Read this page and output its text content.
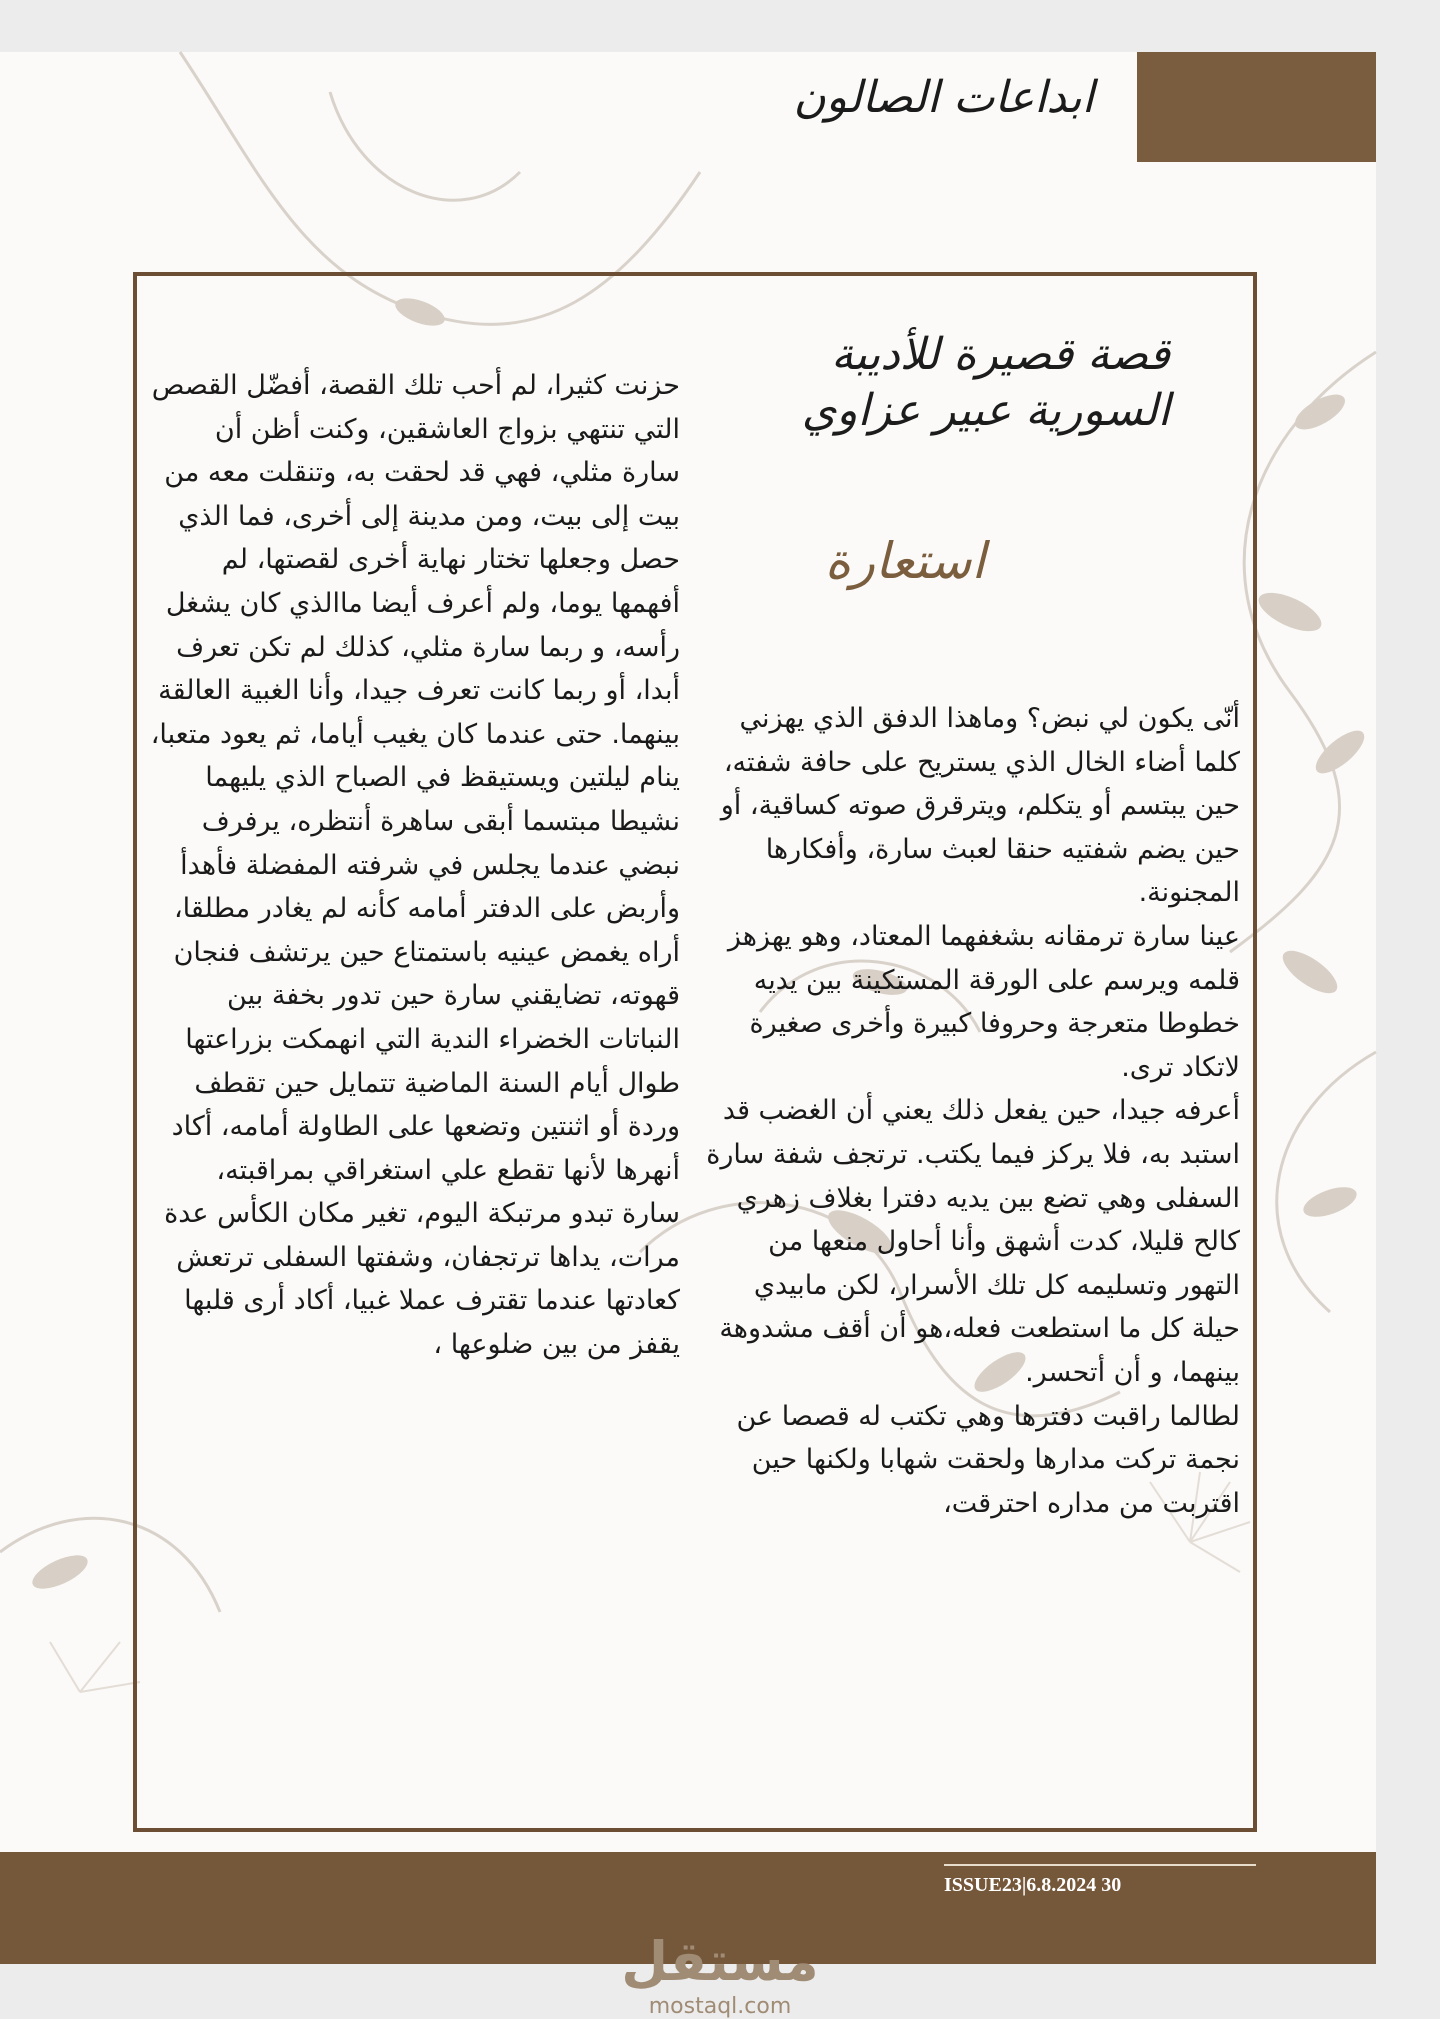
ابداعات الصالون
قصة قصيرة للأديبة السورية عبير عزاوي
استعارة

أنّى يكون لي نبض؟ وماهذا الدفق الذي يهزني كلما أضاء الخال الذي يستريح على حافة شفته، حين يبتسم أو يتكلم، ويترقرق صوته كساقية، أو حين يضم شفتيه حنقا لعبث سارة، وأفكارها المجنونة.

عينا سارة ترمقانه بشغفهما المعتاد، وهو يهزهز قلمه ويرسم على الورقة المستكينة بين يديه خطوطا متعرجة وحروفا كبيرة وأخرى صغيرة لاتكاد ترى.

أعرفه جيدا، حين يفعل ذلك يعني أن الغضب قد استبد به، فلا يركز فيما يكتب. ترتجف شفة سارة السفلى وهي تضع بين يديه دفترا بغلاف زهري كالح قليلا، كدت أشهق وأنا أحاول منعها من التهور وتسليمه كل تلك الأسرار، لكن مابيدي حيلة كل ما استطعت فعله،هو أن أقف مشدوهة بينهما، و أن أتحسر.

لطالما راقبت دفترها وهي تكتب له قصصا عن نجمة تركت مدارها ولحقت شهابا ولكنها حين اقتربت من مداره احترقت،

حزنت كثيرا، لم أحب تلك القصة، أفضّل القصص التي تنتهي بزواج العاشقين، وكنت أظن أن سارة مثلي، فهي قد لحقت به، وتنقلت معه من بيت إلى بيت، ومن مدينة إلى أخرى، فما الذي حصل وجعلها تختار نهاية أخرى لقصتها، لم أفهمها يوما، ولم أعرف أيضا ماالذي كان يشغل رأسه، و ربما سارة مثلي، كذلك لم تكن تعرف أبدا، أو ربما كانت تعرف جيدا، وأنا الغبية العالقة بينهما. حتى عندما كان يغيب أياما، ثم يعود متعبا، ينام ليلتين ويستيقظ في الصباح الذي يليهما نشيطا مبتسما أبقى ساهرة أنتظره، يرفرف نبضي عندما يجلس في شرفته المفضلة فأهدأ وأربض على الدفتر أمامه كأنه لم يغادر مطلقا، أراه يغمض عينيه باستمتاع حين يرتشف فنجان قهوته، تضايقني سارة حين تدور بخفة بين النباتات الخضراء الندية التي انهمكت بزراعتها طوال أيام السنة الماضية تتمايل حين تقطف وردة أو اثنتين وتضعها على الطاولة أمامه، أكاد أنهرها لأنها تقطع علي استغراقي بمراقبته، سارة تبدو مرتبكة اليوم، تغير مكان الكأس عدة مرات، يداها ترتجفان، وشفتها السفلى ترتعش كعادتها عندما تقترف عملا غبيا، أكاد أرى قلبها يقفز من بين ضلوعها ،

ISSUE23|6.8.2024 30
مستقل
mostaql.com
